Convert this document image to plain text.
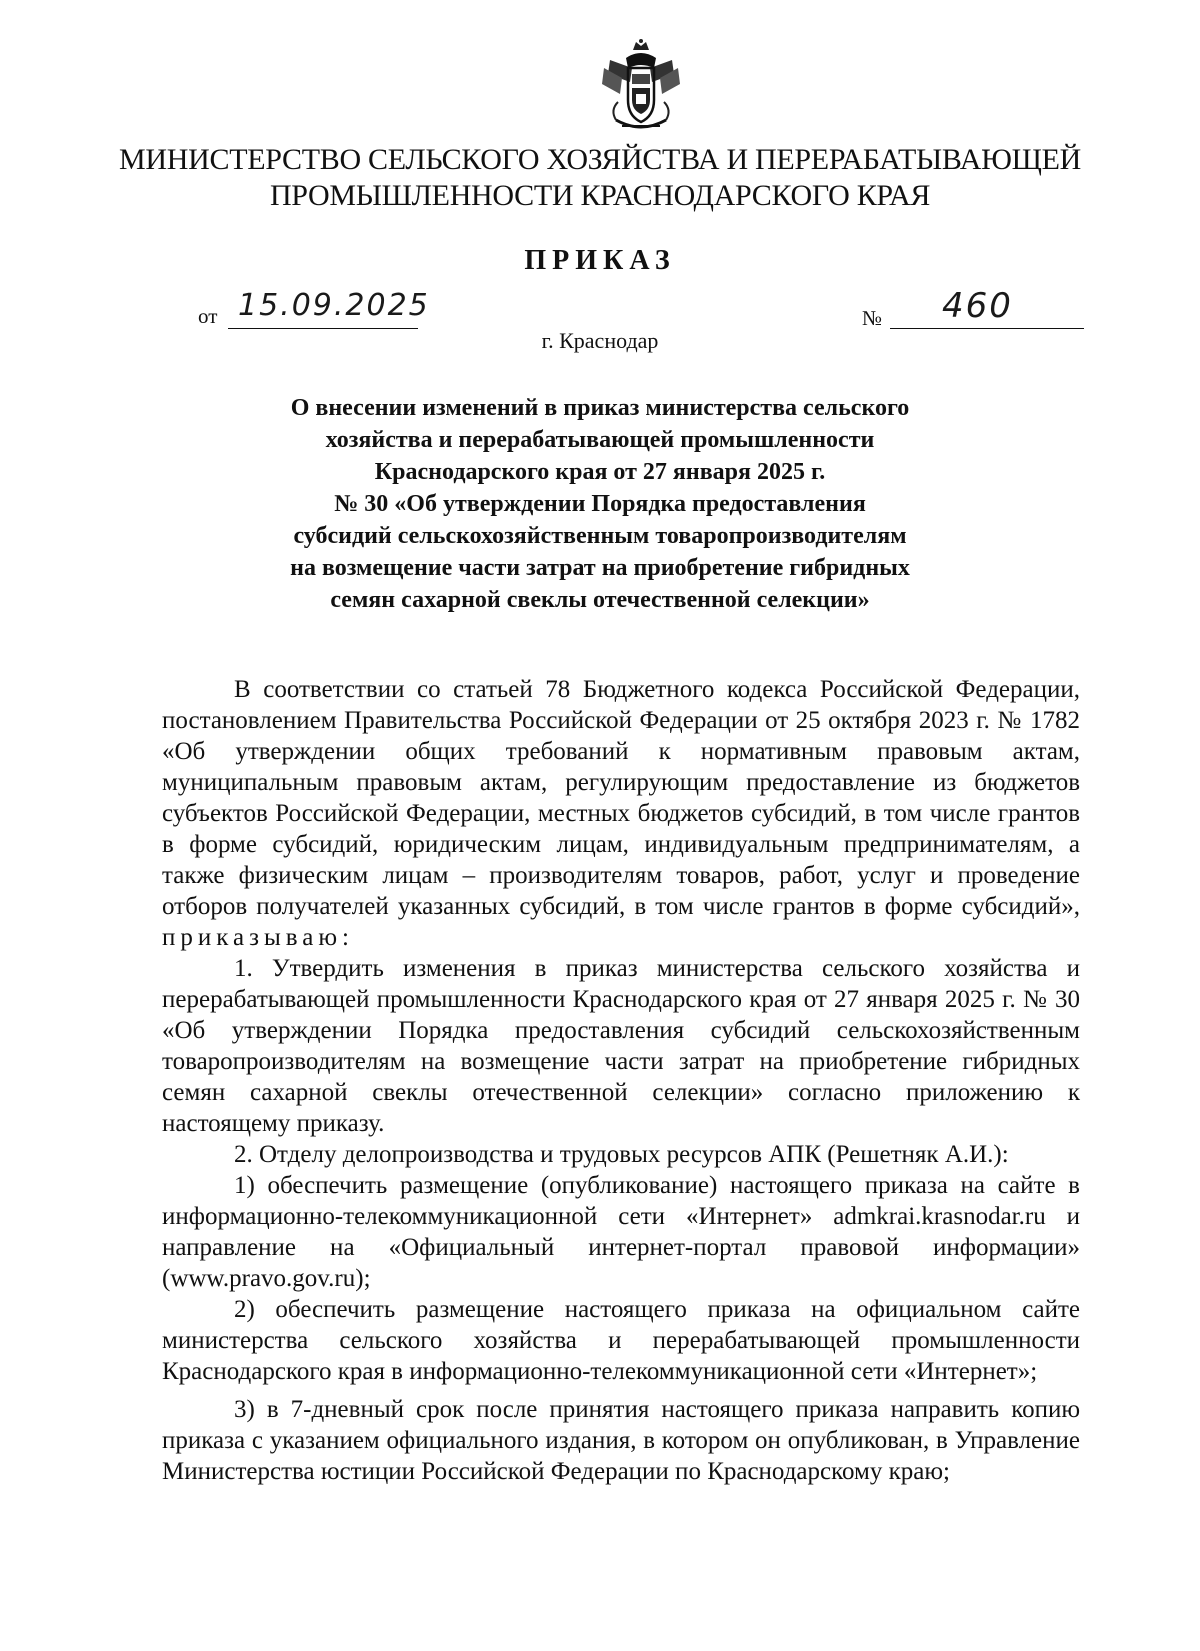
МИНИСТЕРСТВО СЕЛЬСКОГО ХОЗЯЙСТВА И ПЕРЕРАБАТЫВАЮЩЕЙ
ПРОМЫШЛЕННОСТИ КРАСНОДАРСКОГО КРАЯ
ПРИКАЗ
от 15.09.2025	№ 460
г. Краснодар
О внесении изменений в приказ министерства сельского
хозяйства и перерабатывающей промышленности
Краснодарского края от 27 января 2025 г.
№ 30 «Об утверждении Порядка предоставления
субсидий сельскохозяйственным товаропроизводителям
на возмещение части затрат на приобретение гибридных
семян сахарной свеклы отечественной селекции»

В соответствии со статьей 78 Бюджетного кодекса Российской Федерации, постановлением Правительства Российской Федерации от 25 октября 2023 г. № 1782 «Об утверждении общих требований к нормативным правовым актам, муниципальным правовым актам, регулирующим предоставление из бюджетов субъектов Российской Федерации, местных бюджетов субсидий, в том числе грантов в форме субсидий, юридическим лицам, индивидуальным предпринимателям, а также физическим лицам – производителям товаров, работ, услуг и проведение отборов получателей указанных субсидий, в том числе грантов в форме субсидий», приказываю:

1. Утвердить изменения в приказ министерства сельского хозяйства и перерабатывающей промышленности Краснодарского края от 27 января 2025 г. № 30 «Об утверждении Порядка предоставления субсидий сельскохозяйственным товаропроизводителям на возмещение части затрат на приобретение гибридных семян сахарной свеклы отечественной селекции» согласно приложению к настоящему приказу.

2. Отделу делопроизводства и трудовых ресурсов АПК (Решетняк А.И.):

1) обеспечить размещение (опубликование) настоящего приказа на сайте в информационно-телекоммуникационной сети «Интернет» admkrai.krasnodar.ru и направление на «Официальный интернет-портал правовой информации» (www.pravo.gov.ru);

2) обеспечить размещение настоящего приказа на официальном сайте министерства сельского хозяйства и перерабатывающей промышленности Краснодарского края в информационно-телекоммуникационной сети «Интернет»;

3) в 7-дневный срок после принятия настоящего приказа направить копию приказа с указанием официального издания, в котором он опубликован, в Управление Министерства юстиции Российской Федерации по Краснодарскому краю;
